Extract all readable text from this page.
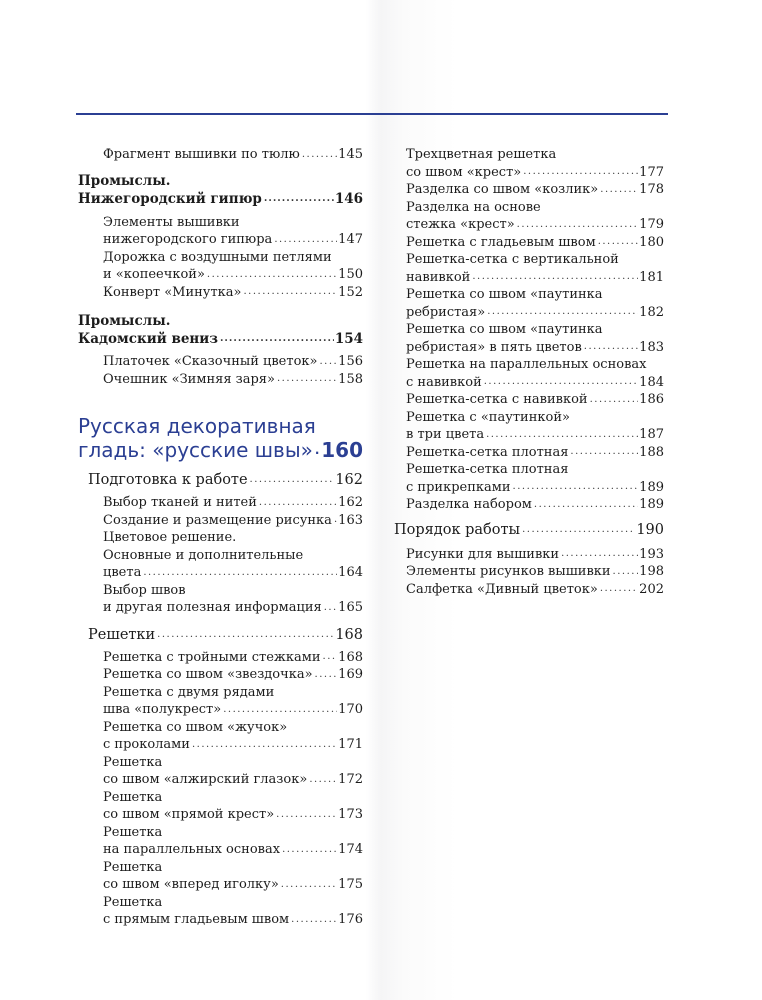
Фрагмент вышивки по тюлю .....	145
Промыслы.
Нижегородский гипюр .....	146
Элементы вышивки
нижегородского гипюра .....	147
Дорожка с воздушными петлями
и «копеечкой» .....	150
Конверт «Минутка» .....	152
Промыслы.
Кадомский вениз .....	154
Платочек «Сказочный цветок» ..... 156
Очешник «Зимняя заря» .....	158
Русская декоративная
гладь: «русские швы» ..... 160
Подготовка к работе .....	162
Выбор тканей и нитей .....	162
Создание и размещение рисунка ..... 163
Цветовое решение.
Основные и дополнительные
цвета .....	164
Выбор швов
и другая полезная информация ..... 165
Решетки .....	168
Решетка с тройными стежками ..... 168
Решетка со швом «звездочка» ..... 169
Решетка с двумя рядами
шва «полукрест» .....	170
Решетка со швом «жучок»
с проколами .....	171
Решетка
со швом «алжирский глазок» ..... 172
Решетка
со швом «прямой крест» .....	173
Решетка
на параллельных основах .....	174
Решетка
со швом «вперед иголку» .....	175
Решетка
с прямым гладьевым швом .....	176
Трехцветная решетка
со швом «крест» .....	177
Разделка со швом «козлик» .....	178
Разделка на основе
стежка «крест» .....	179
Решетка с гладьевым швом .....	180
Решетка-сетка с вертикальной
навивкой .....	181
Решетка со швом «паутинка
ребристая» .....	182
Решетка со швом «паутинка
ребристая» в пять цветов .....	183
Решетка на параллельных основах
с навивкой .....	184
Решетка-сетка с навивкой .....	186
Решетка с «паутинкой»
в три цвета .....	187
Решетка-сетка плотная .....	188
Решетка-сетка плотная
с прикрепками .....	189
Разделка набором .....	189
Порядок работы .....	190
Рисунки для вышивки .....	193
Элементы рисунков вышивки ..... 198
Салфетка «Дивный цветок» .....	202
